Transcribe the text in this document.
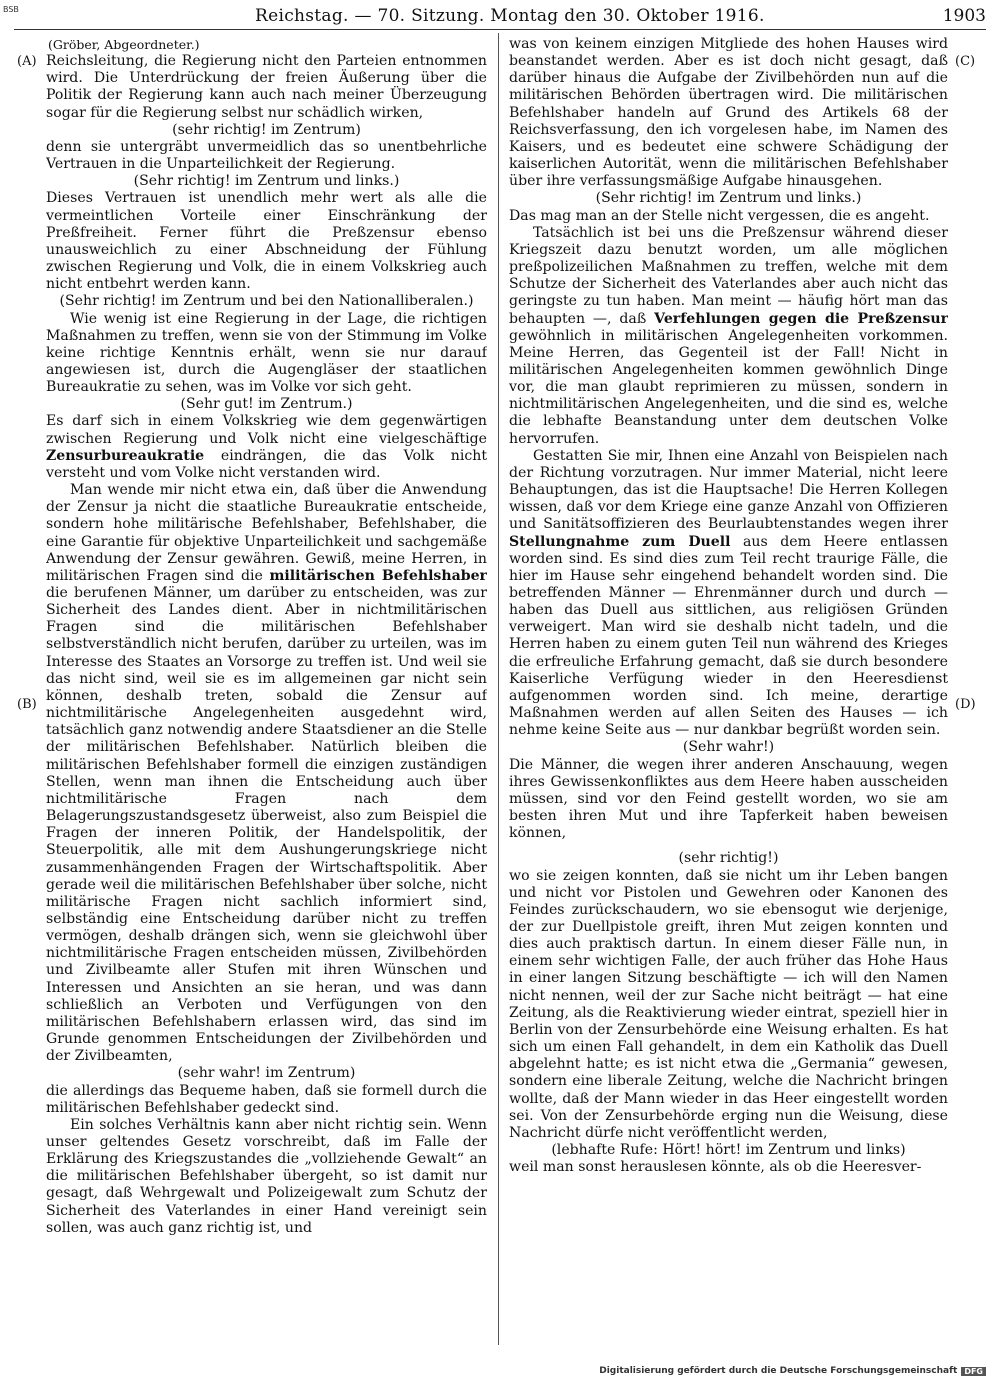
BSB	Reichstag. — 70. Sitzung. Montag den 30. Oktober 1916.	1903
(A)
(B)
(C)
(D)

(Gröber, Abgeordneter.)

Reichsleitung, die Regierung nicht den Parteien entnommen wird. Die Unterdrückung der freien Äußerung über die Politik der Regierung kann auch nach meiner Überzeugung sogar für die Regierung selbst nur schädlich wirken,

(sehr richtig! im Zentrum)

denn sie untergräbt unvermeidlich das so unentbehrliche Vertrauen in die Unparteilichkeit der Regierung.

(Sehr richtig! im Zentrum und links.)

Dieses Vertrauen ist unendlich mehr wert als alle die vermeintlichen Vorteile einer Einschränkung der Preßfreiheit. Ferner führt die Preßzensur ebenso unausweichlich zu einer Abschneidung der Fühlung zwischen Regierung und Volk, die in einem Volkskrieg auch nicht entbehrt werden kann.

(Sehr richtig! im Zentrum und bei den Nationalliberalen.)

Wie wenig ist eine Regierung in der Lage, die richtigen Maßnahmen zu treffen, wenn sie von der Stimmung im Volke keine richtige Kenntnis erhält, wenn sie nur darauf angewiesen ist, durch die Augengläser der staatlichen Bureaukratie zu sehen, was im Volke vor sich geht.

(Sehr gut! im Zentrum.)

Es darf sich in einem Volkskrieg wie dem gegenwärtigen zwischen Regierung und Volk nicht eine vielgeschäftige Zensurbureaukratie eindrängen, die das Volk nicht versteht und vom Volke nicht verstanden wird.

Man wende mir nicht etwa ein, daß über die Anwendung der Zensur ja nicht die staatliche Bureaukratie entscheide, sondern hohe militärische Befehlshaber, Befehlshaber, die eine Garantie für objektive Unparteilichkeit und sachgemäße Anwendung der Zensur gewähren. Gewiß, meine Herren, in militärischen Fragen sind die militärischen Befehlshaber die berufenen Männer, um darüber zu entscheiden, was zur Sicherheit des Landes dient. Aber in nichtmilitärischen Fragen sind die militärischen Befehlshaber selbstverständlich nicht berufen, darüber zu urteilen, was im Interesse des Staates an Vorsorge zu treffen ist. Und weil sie das nicht sind, weil sie es im allgemeinen gar nicht sein können, deshalb treten, sobald die Zensur auf nichtmilitärische Angelegenheiten ausgedehnt wird, tatsächlich ganz notwendig andere Staatsdiener an die Stelle der militärischen Befehlshaber. Natürlich bleiben die militärischen Befehlshaber formell die einzigen zuständigen Stellen, wenn man ihnen die Entscheidung auch über nichtmilitärische Fragen nach dem Belagerungszustandsgesetz überweist, also zum Beispiel die Fragen der inneren Politik, der Handelspolitik, der Steuerpolitik, alle mit dem Aushungerungskriege nicht zusammenhängenden Fragen der Wirtschaftspolitik. Aber gerade weil die militärischen Befehlshaber über solche, nicht militärische Fragen nicht sachlich informiert sind, selbständig eine Entscheidung darüber nicht zu treffen vermögen, deshalb drängen sich, wenn sie gleichwohl über nichtmilitärische Fragen entscheiden müssen, Zivilbehörden und Zivilbeamte aller Stufen mit ihren Wünschen und Interessen und Ansichten an sie heran, und was dann schließlich an Verboten und Verfügungen von den militärischen Befehlshabern erlassen wird, das sind im Grunde genommen Entscheidungen der Zivilbehörden und der Zivilbeamten,

(sehr wahr! im Zentrum)

die allerdings das Bequeme haben, daß sie formell durch die militärischen Befehlshaber gedeckt sind.

Ein solches Verhältnis kann aber nicht richtig sein. Wenn unser geltendes Gesetz vorschreibt, daß im Falle der Erklärung des Kriegszustandes die „vollziehende Gewalt“ an die militärischen Befehlshaber übergeht, so ist damit nur gesagt, daß Wehrgewalt und Polizeigewalt zum Schutz der Sicherheit des Vaterlandes in einer Hand vereinigt sein sollen, was auch ganz richtig ist, und

was von keinem einzigen Mitgliede des hohen Hauses wird beanstandet werden. Aber es ist doch nicht gesagt, daß darüber hinaus die Aufgabe der Zivilbehörden nun auf die militärischen Behörden übertragen wird. Die militärischen Befehlshaber handeln auf Grund des Artikels 68 der Reichsverfassung, den ich vorgelesen habe, im Namen des Kaisers, und es bedeutet eine schwere Schädigung der kaiserlichen Autorität, wenn die militärischen Befehlshaber über ihre verfassungsmäßige Aufgabe hinausgehen.

(Sehr richtig! im Zentrum und links.)

Das mag man an der Stelle nicht vergessen, die es angeht.

Tatsächlich ist bei uns die Preßzensur während dieser Kriegszeit dazu benutzt worden, um alle möglichen preßpolizeilichen Maßnahmen zu treffen, welche mit dem Schutze der Sicherheit des Vaterlandes aber auch nicht das geringste zu tun haben. Man meint — häufig hört man das behaupten —, daß Verfehlungen gegen die Preßzensur gewöhnlich in militärischen Angelegenheiten vorkommen. Meine Herren, das Gegenteil ist der Fall! Nicht in militärischen Angelegenheiten kommen gewöhnlich Dinge vor, die man glaubt reprimieren zu müssen, sondern in nichtmilitärischen Angelegenheiten, und die sind es, welche die lebhafte Beanstandung unter dem deutschen Volke hervorrufen.

Gestatten Sie mir, Ihnen eine Anzahl von Beispielen nach der Richtung vorzutragen. Nur immer Material, nicht leere Behauptungen, das ist die Hauptsache! Die Herren Kollegen wissen, daß vor dem Kriege eine ganze Anzahl von Offizieren und Sanitätsoffizieren des Beurlaubtenstandes wegen ihrer Stellungnahme zum Duell aus dem Heere entlassen worden sind. Es sind dies zum Teil recht traurige Fälle, die hier im Hause sehr eingehend behandelt worden sind. Die betreffenden Männer — Ehrenmänner durch und durch — haben das Duell aus sittlichen, aus religiösen Gründen verweigert. Man wird sie deshalb nicht tadeln, und die Herren haben zu einem guten Teil nun während des Krieges die erfreuliche Erfahrung gemacht, daß sie durch besondere Kaiserliche Verfügung wieder in den Heeresdienst aufgenommen worden sind. Ich meine, derartige Maßnahmen werden auf allen Seiten des Hauses — ich nehme keine Seite aus — nur dankbar begrüßt worden sein.

(Sehr wahr!)

Die Männer, die wegen ihrer anderen Anschauung, wegen ihres Gewissenkonfliktes aus dem Heere haben ausscheiden müssen, sind vor den Feind gestellt worden, wo sie am besten ihren Mut und ihre Tapferkeit haben beweisen können,

(sehr richtig!)

wo sie zeigen konnten, daß sie nicht um ihr Leben bangen und nicht vor Pistolen und Gewehren oder Kanonen des Feindes zurückschaudern, wo sie ebensogut wie derjenige, der zur Duellpistole greift, ihren Mut zeigen konnten und dies auch praktisch dartun. In einem dieser Fälle nun, in einem sehr wichtigen Falle, der auch früher das Hohe Haus in einer langen Sitzung beschäftigte — ich will den Namen nicht nennen, weil der zur Sache nicht beiträgt — hat eine Zeitung, als die Reaktivierung wieder eintrat, speziell hier in Berlin von der Zensurbehörde eine Weisung erhalten. Es hat sich um einen Fall gehandelt, in dem ein Katholik das Duell abgelehnt hatte; es ist nicht etwa die „Germania“ gewesen, sondern eine liberale Zeitung, welche die Nachricht bringen wollte, daß der Mann wieder in das Heer eingestellt worden sei. Von der Zensurbehörde erging nun die Weisung, diese Nachricht dürfe nicht veröffentlicht werden,

(lebhafte Rufe: Hört! hört! im Zentrum und links)

weil man sonst herauslesen könnte, als ob die Heeresver-

Digitalisierung gefördert durch die Deutsche Forschungsgemeinschaft DFG
